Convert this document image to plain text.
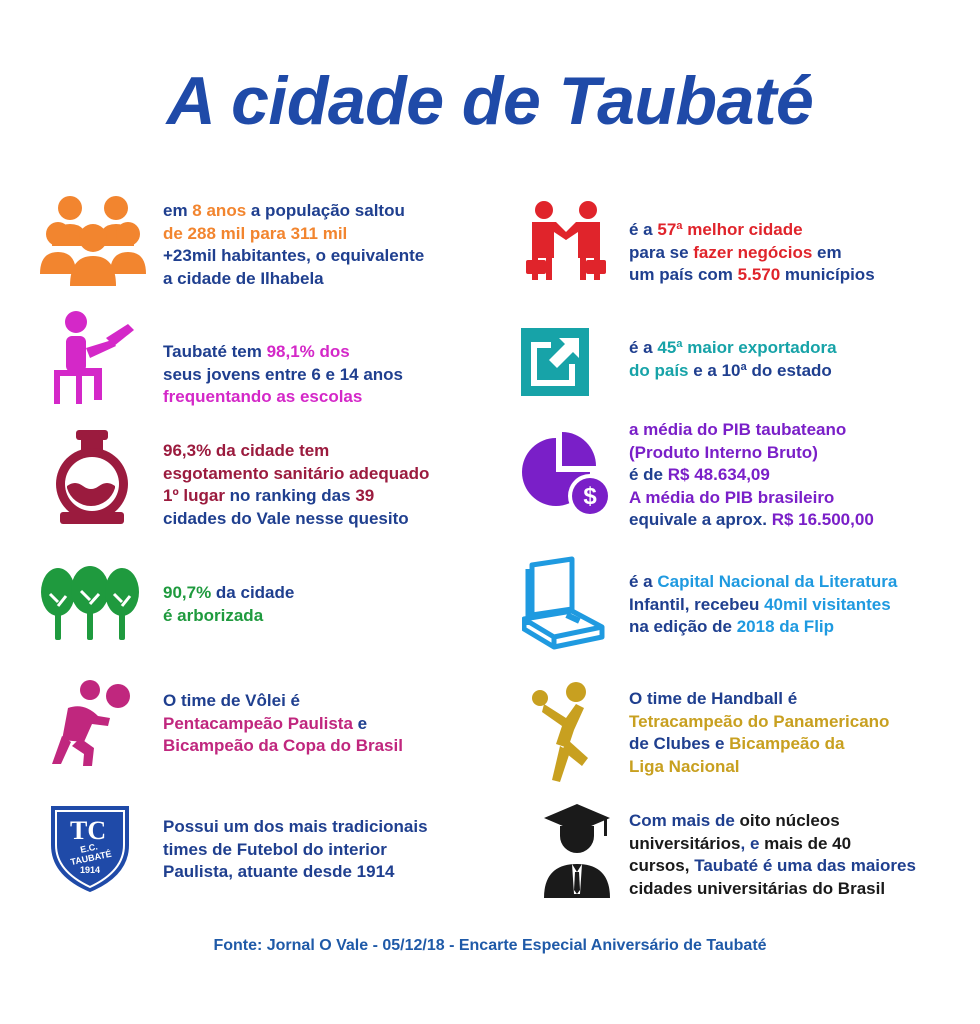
A cidade de Taubaté
em 8 anos a população saltou
de 288 mil para 311 mil
+23mil habitantes, o equivalente
a cidade de Ilhabela
Taubaté tem 98,1% dos
seus jovens entre 6 e 14 anos
frequentando as escolas
96,3% da cidade tem
esgotamento sanitário adequado
1º lugar no ranking das 39
cidades do Vale nesse quesito
90,7% da cidade
é arborizada
O time de Vôlei é
Pentacampeão Paulista e
Bicampeão da Copa do Brasil
TC
1914
E.C. TAUBATÉ
Possui um dos mais tradicionais
times de Futebol do interior
Paulista, atuante desde 1914
é a 57ª melhor cidade
para se fazer negócios em
um país com 5.570 municípios
é a 45ª maior exportadora
do país e a 10ª do estado
$
a média do PIB taubateano
(Produto Interno Bruto)
é de R$ 48.634,09
A média do PIB brasileiro
equivale a aprox. R$ 16.500,00
é a Capital Nacional da Literatura
Infantil, recebeu 40mil visitantes
na edição de 2018 da Flip
O time de Handball é
Tetracampeão do Panamericano
de Clubes e Bicampeão da
Liga Nacional
Com mais de oito núcleos
universitários, e mais de 40
cursos, Taubaté é uma das maiores
cidades universitárias do Brasil
Fonte: Jornal O Vale - 05/12/18 - Encarte Especial Aniversário de Taubaté
